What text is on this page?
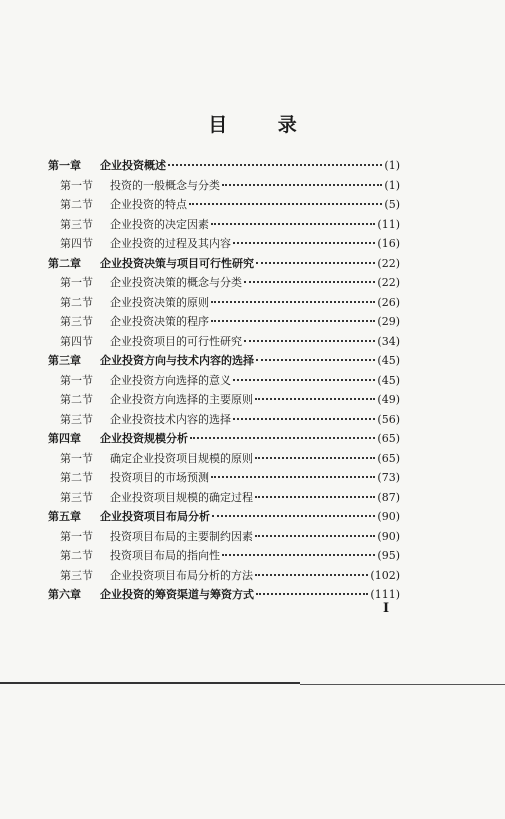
目 录
第一章	企业投资概述	(1)
第一节	投资的一般概念与分类	(1)
第二节	企业投资的特点	(5)
第三节	企业投资的决定因素	(11)
第四节	企业投资的过程及其内容	(16)
第二章	企业投资决策与项目可行性研究	(22)
第一节	企业投资决策的概念与分类	(22)
第二节	企业投资决策的原则	(26)
第三节	企业投资决策的程序	(29)
第四节	企业投资项目的可行性研究	(34)
第三章	企业投资方向与技术内容的选择	(45)
第一节	企业投资方向选择的意义	(45)
第二节	企业投资方向选择的主要原则	(49)
第三节	企业投资技术内容的选择	(56)
第四章	企业投资规模分析	(65)
第一节	确定企业投资项目规模的原则	(65)
第二节	投资项目的市场预测	(73)
第三节	企业投资项目规模的确定过程	(87)
第五章	企业投资项目布局分析	(90)
第一节	投资项目布局的主要制约因素	(90)
第二节	投资项目布局的指向性	(95)
第三节	企业投资项目布局分析的方法	(102)
第六章	企业投资的筹资渠道与筹资方式	(111)
I
